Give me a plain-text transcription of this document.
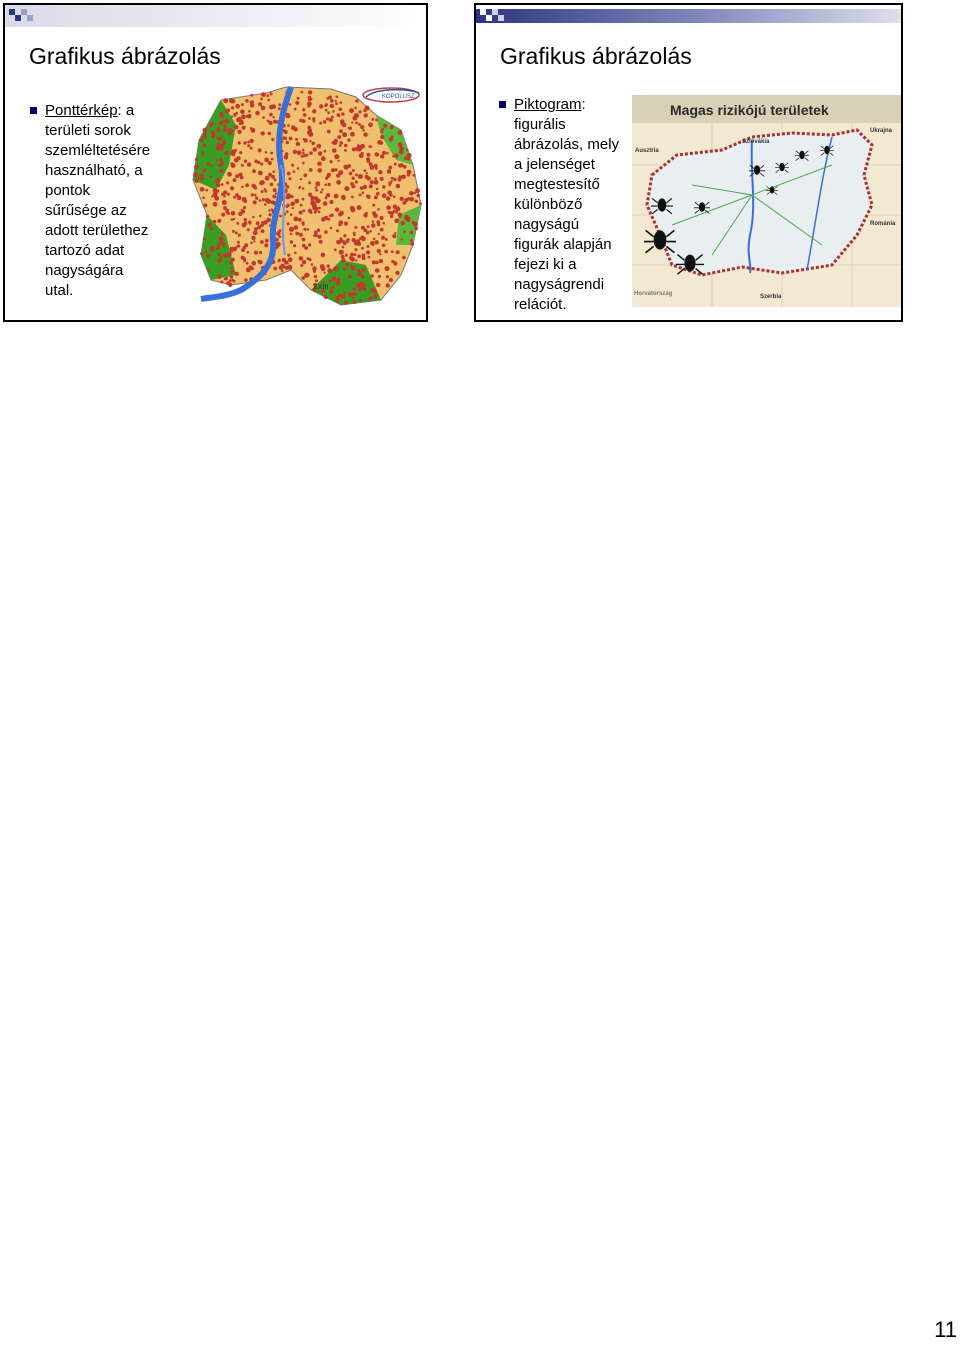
Grafikus ábrázolás
Ponttérkép: a
területi sorok
szemléltetésére
használható, a
pontok
sűrűsége az
adott területhez
tartozó adat
nagyságára
utal.
KOPOLUSZ
XXIII
Grafikus ábrázolás
Piktogram:
figurális
ábrázolás, mely
a jelenséget
megtestesítő
különböző
nagyságú
figurák alapján
fejezi ki a
nagyságrendi
relációt.
Magas rizikójú területek
Szlovákia
Ukrajna
Ausztria
Románia
Szerbia
Horvátország
11
